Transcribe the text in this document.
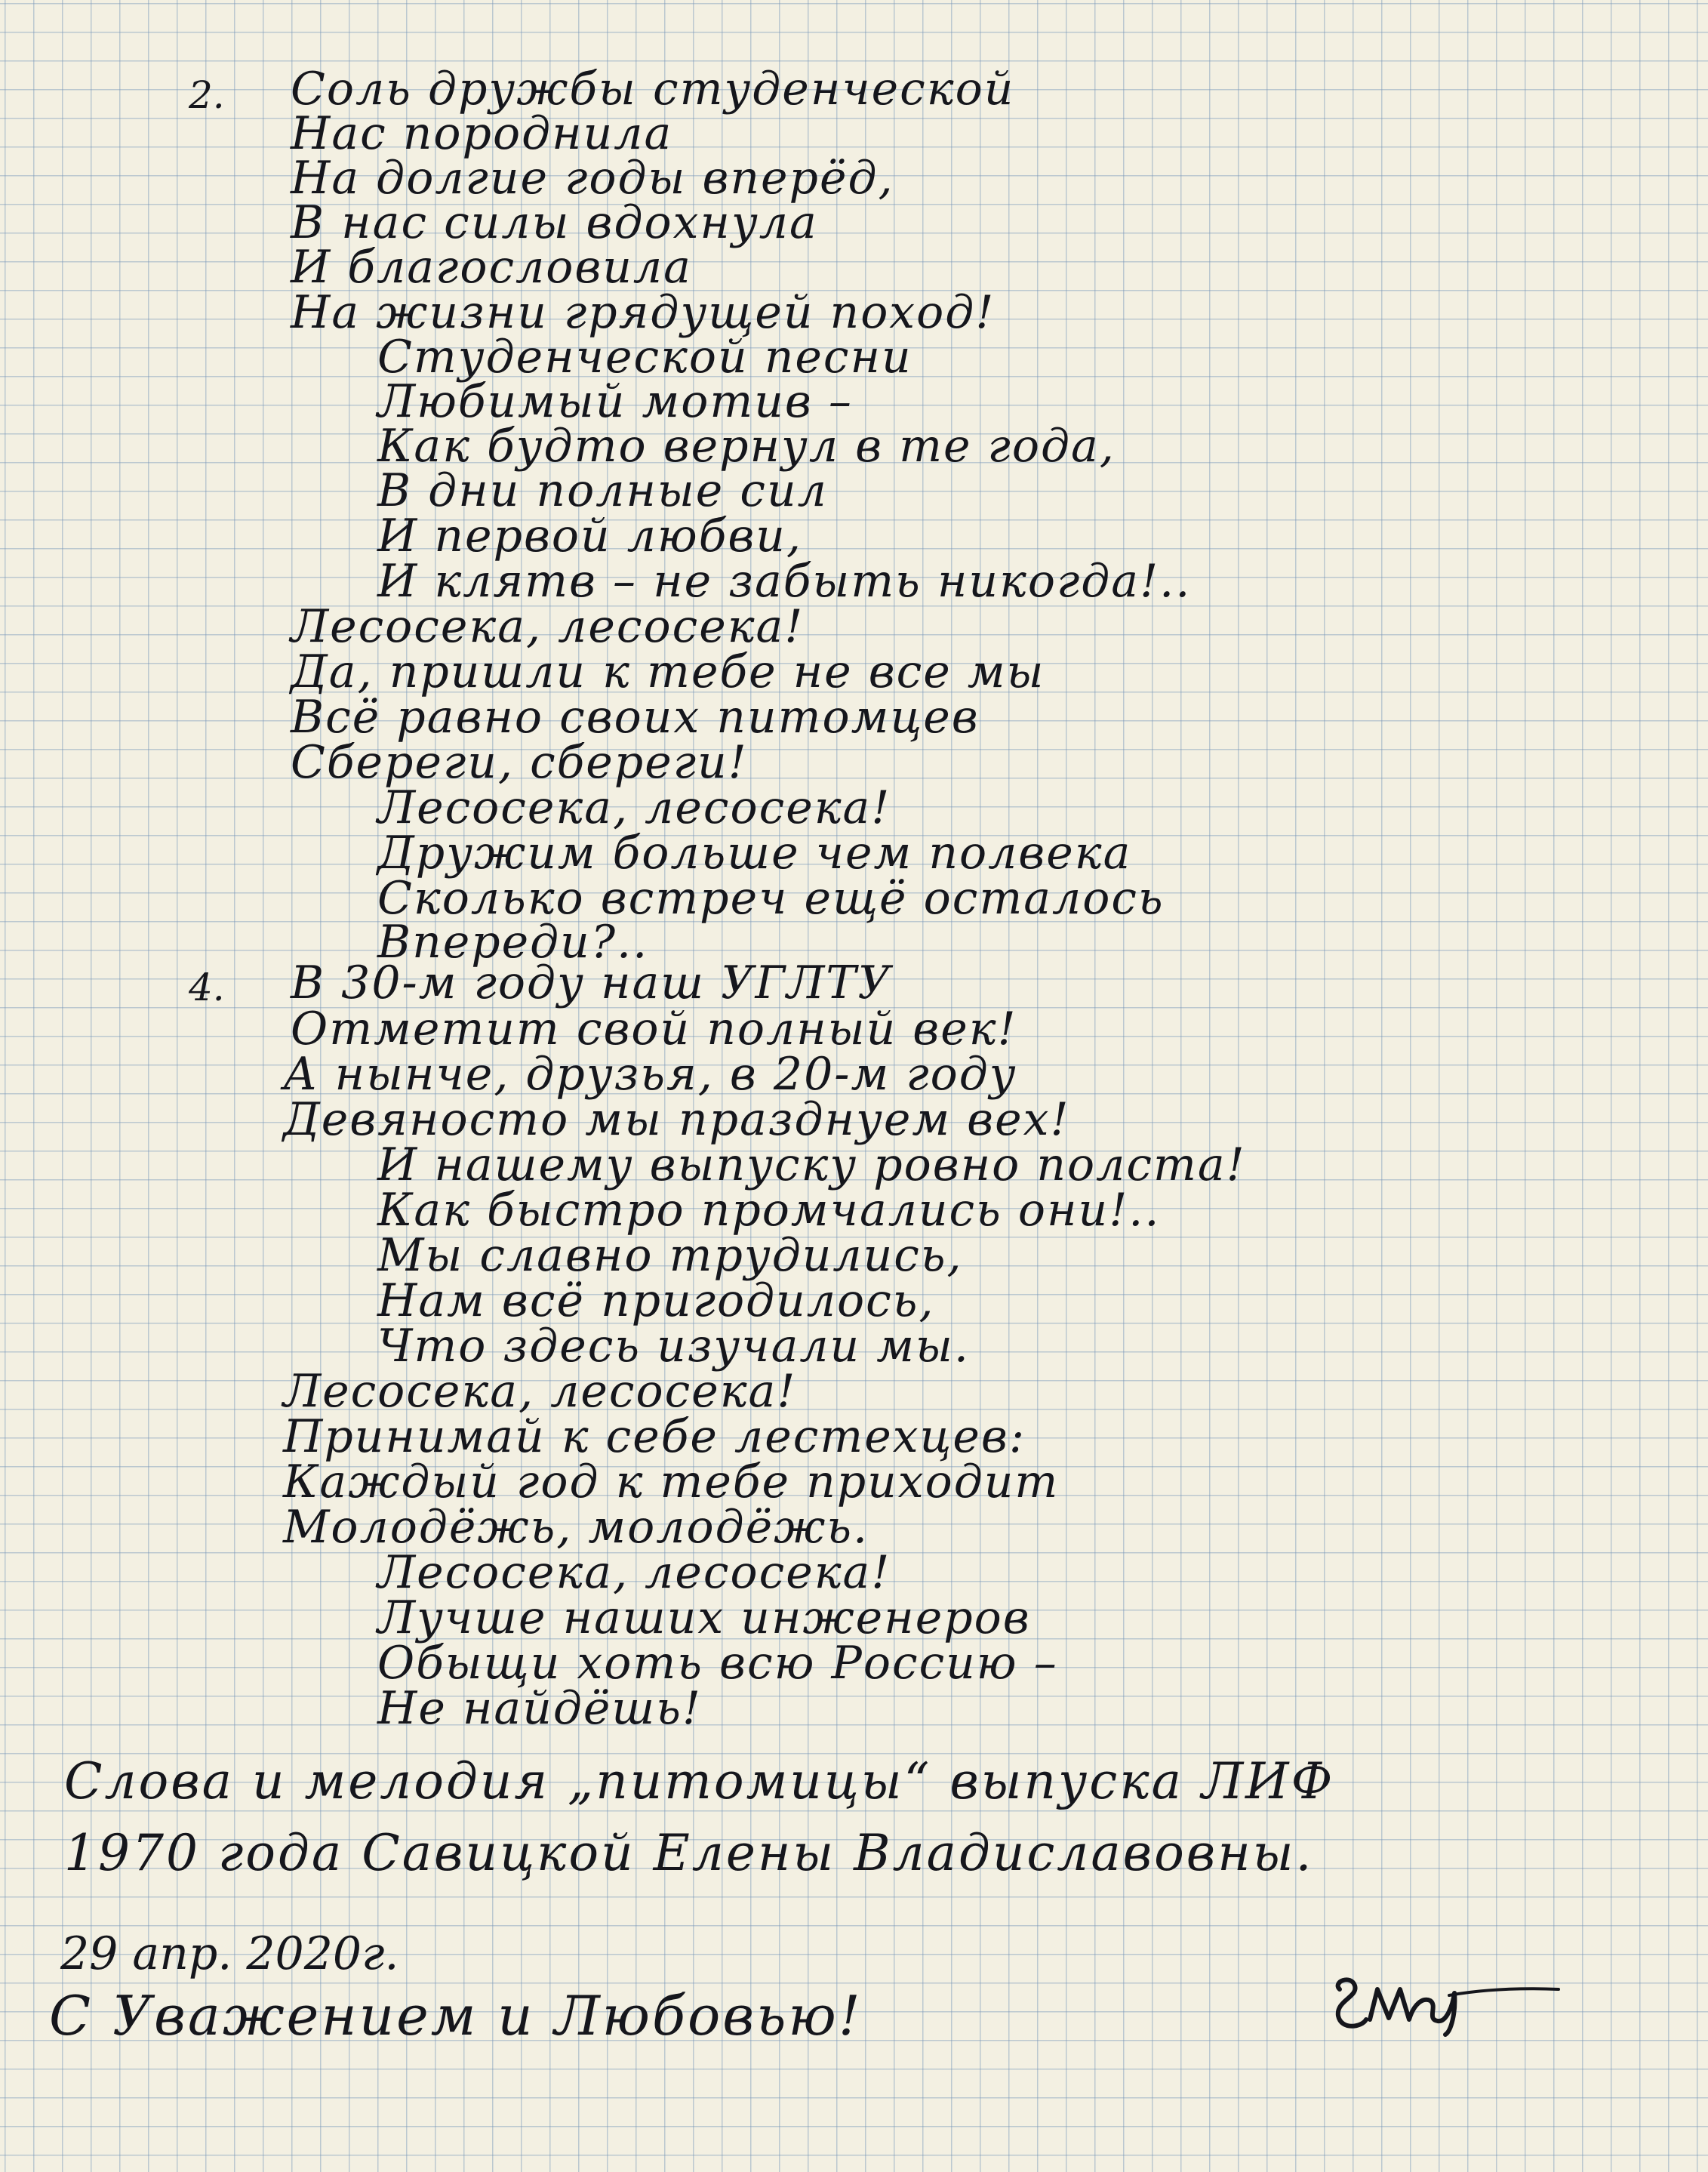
2. Соль дружбы студенческой
Нас породнила
На долгие годы вперёд,
В нас силы вдохнула
И благословила
На жизни грядущей поход!
Студенческой песни
Любимый мотив –
Как будто вернул в те года,
В дни полные сил
И первой любви,
И клятв – не забыть никогда!..
Лесосека, лесосека!
Да, пришли к тебе не все мы
Всё равно своих питомцев
Сбереги, сбереги!
Лесосека, лесосека!
Дружим больше чем полвека
Сколько встреч ещё осталось
Впереди?..
4. В 30-м году наш УГЛТУ
Отметит свой полный век!
А нынче, друзья, в 20-м году
Девяносто мы празднуем вех!
И нашему выпуску ровно полста!
Как быстро промчались они!..
Мы славно трудились,
Нам всё пригодилось,
Что здесь изучали мы.
Лесосека, лесосека!
Принимай к себе лестехцев:
Каждый год к тебе приходит
Молодёжь, молодёжь.
Лесосека, лесосека!
Лучше наших инженеров
Обыщи хоть всю Россию –
Не найдёшь!
Слова и мелодия „питомицы“ выпуска ЛИФ
1970 года Савицкой Елены Владиславовны.
29 апр. 2020г.
С Уважением и Любовью!
